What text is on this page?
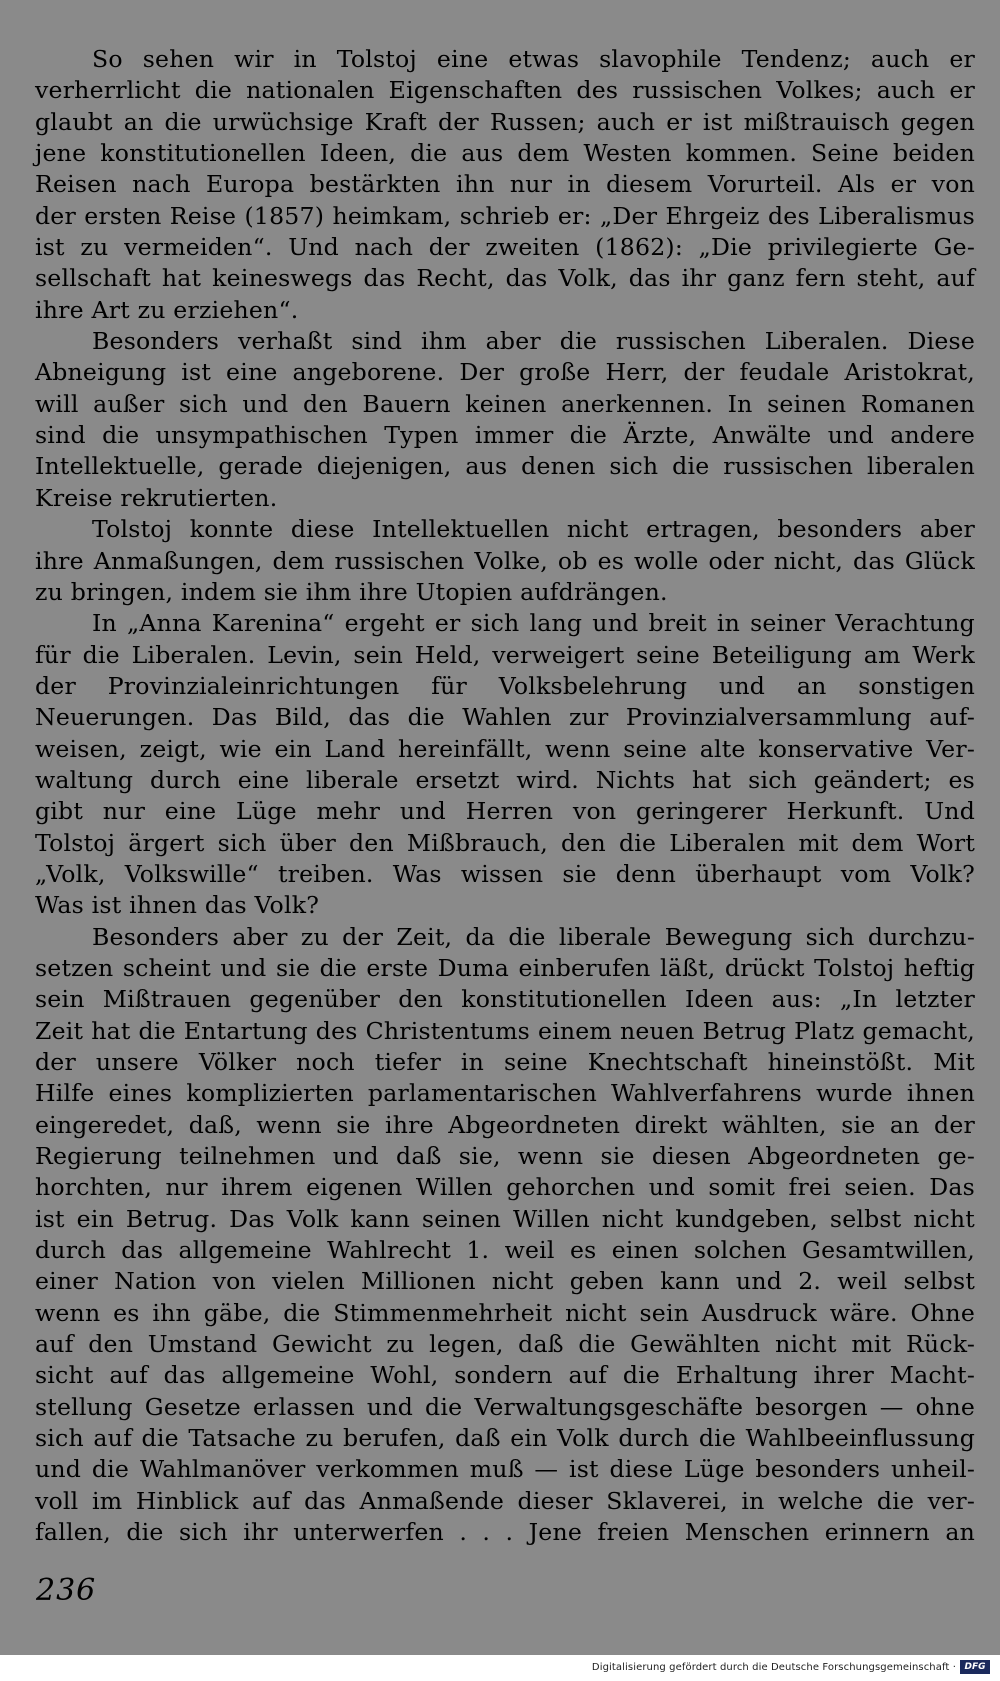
So sehen wir in Tolstoj eine etwas slavophile Tendenz; auch er
verherrlicht die nationalen Eigenschaften des russischen Volkes; auch er
glaubt an die urwüchsige Kraft der Russen; auch er ist mißtrauisch gegen
jene konstitutionellen Ideen, die aus dem Westen kommen. Seine beiden
Reisen nach Europa bestärkten ihn nur in diesem Vorurteil. Als er von
der ersten Reise (1857) heimkam, schrieb er: „Der Ehrgeiz des Liberalismus
ist zu vermeiden“. Und nach der zweiten (1862): „Die privilegierte Ge-
sellschaft hat keineswegs das Recht, das Volk, das ihr ganz fern steht, auf
ihre Art zu erziehen“.

Besonders verhaßt sind ihm aber die russischen Liberalen. Diese
Abneigung ist eine angeborene. Der große Herr, der feudale Aristokrat,
will außer sich und den Bauern keinen anerkennen. In seinen Romanen
sind die unsympathischen Typen immer die Ärzte, Anwälte und andere
Intellektuelle, gerade diejenigen, aus denen sich die russischen liberalen
Kreise rekrutierten.

Tolstoj konnte diese Intellektuellen nicht ertragen, besonders aber
ihre Anmaßungen, dem russischen Volke, ob es wolle oder nicht, das Glück
zu bringen, indem sie ihm ihre Utopien aufdrängen.

In „Anna Karenina“ ergeht er sich lang und breit in seiner Verachtung
für die Liberalen. Levin, sein Held, verweigert seine Beteiligung am Werk
der Provinzialeinrichtungen für Volksbelehrung und an sonstigen
Neuerungen. Das Bild, das die Wahlen zur Provinzialversammlung auf-
weisen, zeigt, wie ein Land hereinfällt, wenn seine alte konservative Ver-
waltung durch eine liberale ersetzt wird. Nichts hat sich geändert; es
gibt nur eine Lüge mehr und Herren von geringerer Herkunft. Und
Tolstoj ärgert sich über den Mißbrauch, den die Liberalen mit dem Wort
„Volk, Volkswille“ treiben. Was wissen sie denn überhaupt vom Volk?
Was ist ihnen das Volk?

Besonders aber zu der Zeit, da die liberale Bewegung sich durchzu-
setzen scheint und sie die erste Duma einberufen läßt, drückt Tolstoj heftig
sein Mißtrauen gegenüber den konstitutionellen Ideen aus: „In letzter
Zeit hat die Entartung des Christentums einem neuen Betrug Platz gemacht,
der unsere Völker noch tiefer in seine Knechtschaft hineinstößt. Mit
Hilfe eines komplizierten parlamentarischen Wahlverfahrens wurde ihnen
eingeredet, daß, wenn sie ihre Abgeordneten direkt wählten, sie an der
Regierung teilnehmen und daß sie, wenn sie diesen Abgeordneten ge-
horchten, nur ihrem eigenen Willen gehorchen und somit frei seien. Das
ist ein Betrug. Das Volk kann seinen Willen nicht kundgeben, selbst nicht
durch das allgemeine Wahlrecht 1. weil es einen solchen Gesamtwillen,
einer Nation von vielen Millionen nicht geben kann und 2. weil selbst
wenn es ihn gäbe, die Stimmenmehrheit nicht sein Ausdruck wäre. Ohne
auf den Umstand Gewicht zu legen, daß die Gewählten nicht mit Rück-
sicht auf das allgemeine Wohl, sondern auf die Erhaltung ihrer Macht-
stellung Gesetze erlassen und die Verwaltungsgeschäfte besorgen — ohne
sich auf die Tatsache zu berufen, daß ein Volk durch die Wahlbeeinflussung
und die Wahlmanöver verkommen muß — ist diese Lüge besonders unheil-
voll im Hinblick auf das Anmaßende dieser Sklaverei, in welche die ver-
fallen, die sich ihr unterwerfen . . . Jene freien Menschen erinnern an

236
Digitalisierung gefördert durch die Deutsche Forschungsgemeinschaft · DFG
